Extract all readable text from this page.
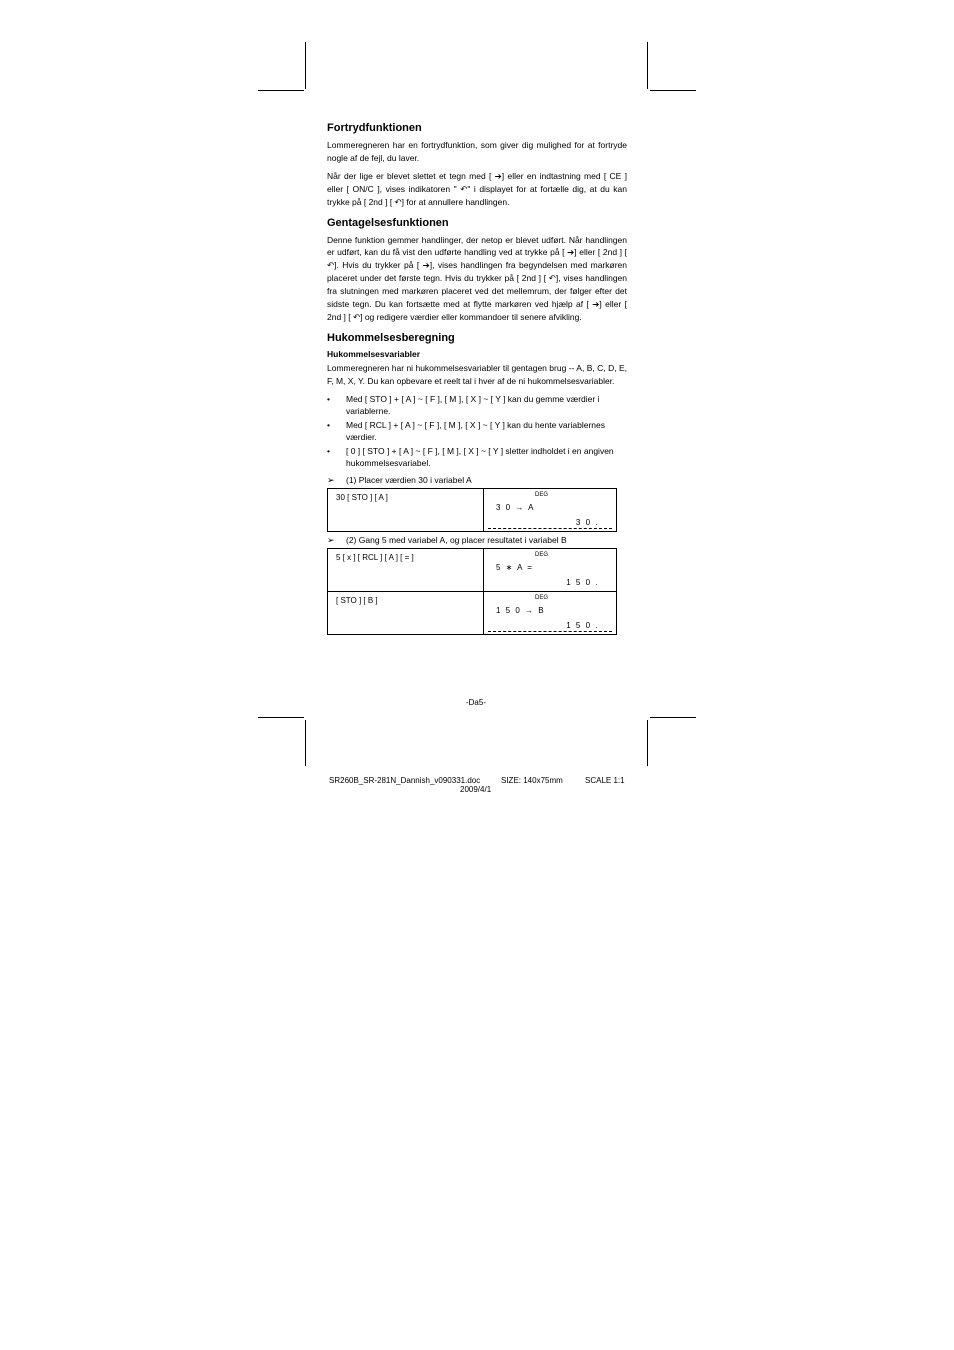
Fortrydfunktionen

Lommeregneren har en fortrydfunktion, som giver dig mulighed for at fortryde nogle af de fejl, du laver.

Når der lige er blevet slettet et tegn med [ ➔] eller en indtastning med [ CE ] eller [ ON/C ], vises indikatoren " ↶" i displayet for at fortælle dig, at du kan trykke på [ 2nd ] [ ↶] for at annullere handlingen.

Gentagelsesfunktionen

Denne funktion gemmer handlinger, der netop er blevet udført. Når handlingen er udført, kan du få vist den udførte handling ved at trykke på [ ➔] eller [ 2nd ] [ ↶]. Hvis du trykker på [ ➔], vises handlingen fra begyndelsen med markøren placeret under det første tegn. Hvis du trykker på [ 2nd ] [ ↶], vises handlingen fra slutningen med markøren placeret ved det mellemrum, der følger efter det sidste tegn. Du kan fortsætte med at flytte markøren ved hjælp af [ ➔] eller [ 2nd ] [ ↶] og redigere værdier eller kommandoer til senere afvikling.

Hukommelsesberegning
Hukommelsesvariabler

Lommeregneren har ni hukommelsesvariabler til gentagen brug -- A, B, C, D, E, F, M, X, Y. Du kan opbevare et reelt tal i hver af de ni hukommelsesvariabler.

• Med [ STO ] + [ A ] ~ [ F ], [ M ], [ X ] ~ [ Y ] kan du gemme værdier i variablerne.
• Med [ RCL ] + [ A ] ~ [ F ], [ M ], [ X ] ~ [ Y ] kan du hente variablernes værdier.
• [ 0 ] [ STO ] + [ A ] ~ [ F ], [ M ], [ X ] ~ [ Y ] sletter indholdet i en angiven hukommelsesvariabel.
➢ (1) Placer værdien 30 i variabel A
30 [ STO ] [ A ]	DEG
3 0 → A
3 0 .
➢ (2) Gang 5 med variabel A, og placer resultatet i variabel B
5 [ x ] [ RCL ] [ A ] [ = ]	DEG
5 ∗ A =
1 5 0 .

[ STO ] [ B ]	DEG
1 5 0 → B
1 5 0 .
-Da5-
SR260B_SR-281N_Dannish_v090331.doc	SIZE: 140x75mm	SCALE 1:1
2009/4/1
